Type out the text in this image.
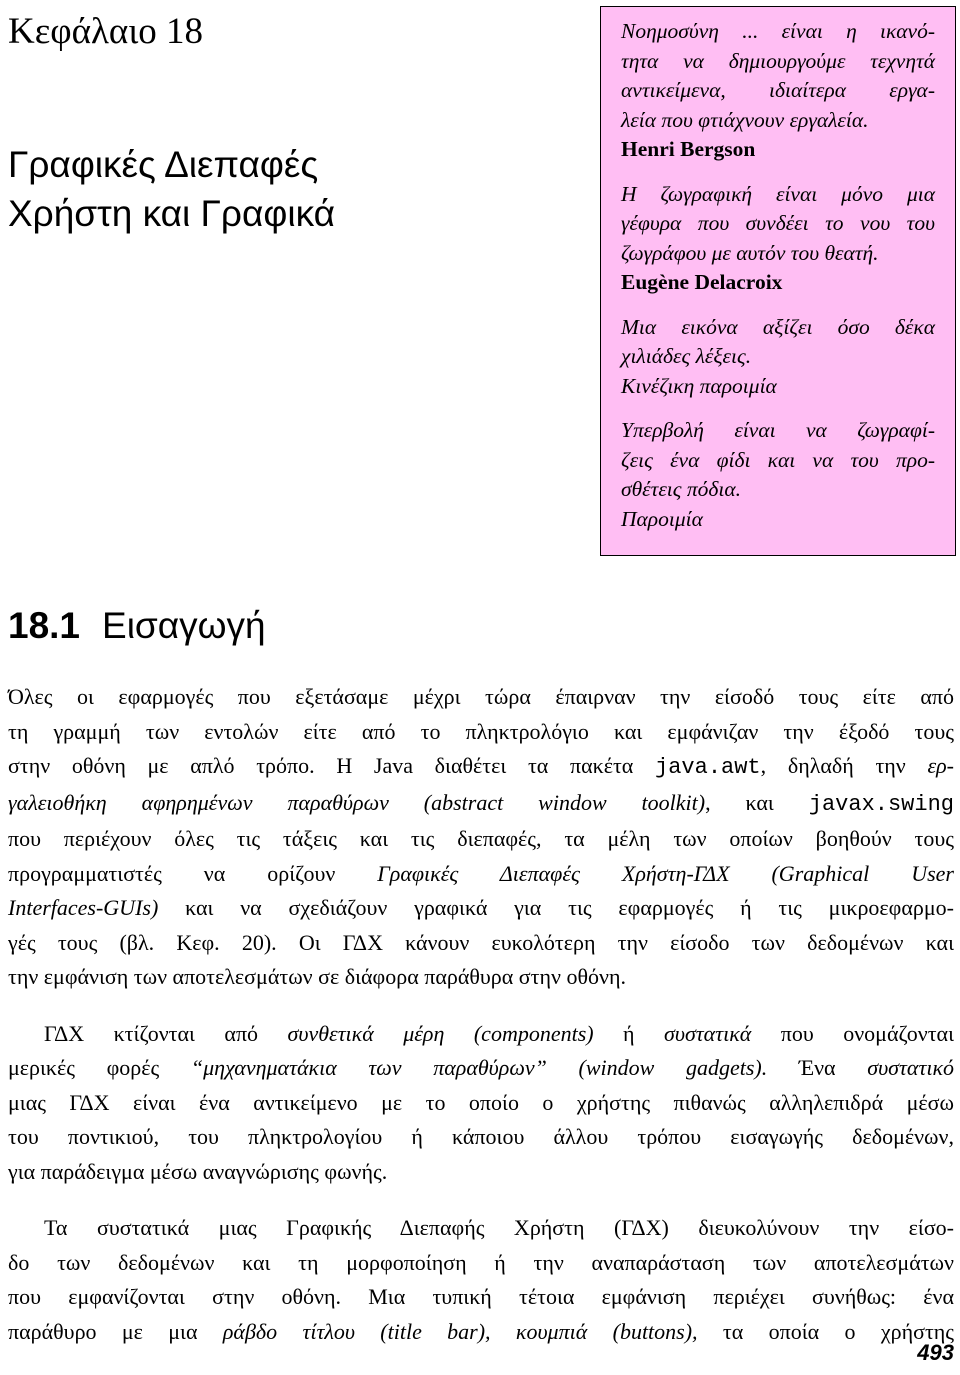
Κεφάλαιο 18
Γραφικές Διεπαφές
Χρήστη και Γραφικά
Νοημοσύνη ... είναι η ικανό-
τητα να δημιουργούμε τεχνητά
αντικείμενα, ιδιαίτερα εργα-
λεία που φτιάχνουν εργαλεία.
Henri Bergson
Η ζωγραφική είναι μόνο μια
γέφυρα που συνδέει το νου του
ζωγράφου με αυτόν του θεατή.
Eugène Delacroix
Μια εικόνα αξίζει όσο δέκα
χιλιάδες λέξεις.
Κινέζικη παροιμία
Υπερβολή είναι να ζωγραφί-
ζεις ένα φίδι και να του προ-
σθέτεις πόδια.
Παροιμία
18.1 Εισαγωγή
Όλες οι εφαρμογές που εξετάσαμε μέχρι τώρα έπαιρναν την είσοδό τους είτε από
τη γραμμή των εντολών είτε από το πληκτρολόγιο και εμφάνιζαν την έξοδό τους
στην οθόνη με απλό τρόπο. Η Java διαθέτει τα πακέτα java.awt, δηλαδή την ερ-
γαλειοθήκη αφηρημένων παραθύρων (abstract window toolkit), και javax.swing
που περιέχουν όλες τις τάξεις και τις διεπαφές, τα μέλη των οποίων βοηθούν τους
προγραμματιστές να ορίζουν Γραφικές Διεπαφές Χρήστη-ΓΔΧ (Graphical User
Interfaces-GUIs) και να σχεδιάζουν γραφικά για τις εφαρμογές ή τις μικροεφαρμο-
γές τους (βλ. Κεφ. 20). Οι ΓΔΧ κάνουν ευκολότερη την είσοδο των δεδομένων και
την εμφάνιση των αποτελεσμάτων σε διάφορα παράθυρα στην οθόνη.
ΓΔΧ κτίζονται από συνθετικά μέρη (components) ή συστατικά που ονομάζονται
μερικές φορές “μηχανηματάκια των παραθύρων” (window gadgets). Ένα συστατικό
μιας ΓΔΧ είναι ένα αντικείμενο με το οποίο ο χρήστης πιθανώς αλληλεπιδρά μέσω
του ποντικιού, του πληκτρολογίου ή κάποιου άλλου τρόπου εισαγωγής δεδομένων,
για παράδειγμα μέσω αναγνώρισης φωνής.
Τα συστατικά μιας Γραφικής Διεπαφής Χρήστη (ΓΔΧ) διευκολύνουν την είσο-
δο των δεδομένων και τη μορφοποίηση ή την αναπαράσταση των αποτελεσμάτων
που εμφανίζονται στην οθόνη. Μια τυπική τέτοια εμφάνιση περιέχει συνήθως: ένα
παράθυρο με μια ράβδο τίτλου (title bar), κουμπιά (buttons), τα οποία ο χρήστης
493
